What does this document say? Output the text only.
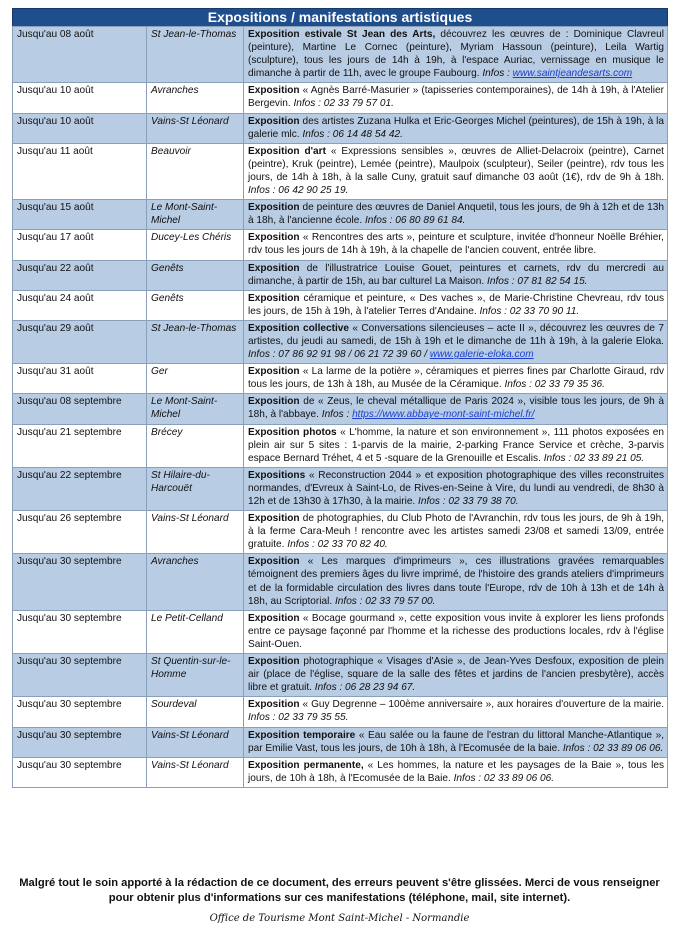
Expositions / manifestations artistiques
Jusqu'au 08 août	St Jean-le-Thomas	Exposition estivale St Jean des Arts, découvrez les œuvres de : Dominique Clavreul (peinture), Martine Le Cornec (peinture), Myriam Hassoun (peinture), Leila Wartig (sculpture), tous les jours de 14h à 19h, à l'espace Auriac, vernissage en musique le dimanche à partir de 11h, avec le groupe Faubourg. Infos : www.saintjeandesarts.com
Jusqu'au 10 août	Avranches	Exposition « Agnès Barré-Masurier » (tapisseries contemporaines), de 14h à 19h, à l'Atelier Bergevin. Infos : 02 33 79 57 01.
Jusqu'au 10 août	Vains-St Léonard	Exposition des artistes Zuzana Hulka et Eric-Georges Michel (peintures), de 15h à 19h, à la galerie mlc. Infos : 06 14 48 54 42.
Jusqu'au 11 août	Beauvoir	Exposition d'art « Expressions sensibles », œuvres de Alliet-Delacroix (peintre), Carnet (peintre), Kruk (peintre), Lemée (peintre), Maulpoix (sculpteur), Seiler (peintre), rdv tous les jours, de 14h à 18h, à la salle Cuny, gratuit sauf dimanche 03 août (1€), rdv de 9h à 18h. Infos : 06 42 90 25 19.
Jusqu'au 15 août	Le Mont-Saint-Michel	Exposition de peinture des œuvres de Daniel Anquetil, tous les jours, de 9h à 12h et de 13h à 18h, à l'ancienne école. Infos : 06 80 89 61 84.
Jusqu'au 17 août	Ducey-Les Chéris	Exposition « Rencontres des arts », peinture et sculpture, invitée d'honneur Noëlle Bréhier, rdv tous les jours de 14h à 19h, à la chapelle de l'ancien couvent, entrée libre.
Jusqu'au 22 août	Genêts	Exposition de l'illustratrice Louise Gouet, peintures et carnets, rdv du mercredi au dimanche, à partir de 15h, au bar culturel La Maison. Infos : 07 81 82 54 15.
Jusqu'au 24 août	Genêts	Exposition céramique et peinture, « Des vaches », de Marie-Christine Chevreau, rdv tous les jours, de 15h à 19h, à l'atelier Terres d'Andaine. Infos : 02 33 70 90 11.
Jusqu'au 29 août	St Jean-le-Thomas	Exposition collective « Conversations silencieuses – acte II », découvrez les œuvres de 7 artistes, du jeudi au samedi, de 15h à 19h et le dimanche de 11h à 19h, à la galerie Eloka. Infos : 07 86 92 91 98 / 06 21 72 39 60 / www.galerie-eloka.com
Jusqu'au 31 août	Ger	Exposition « La larme de la potière », céramiques et pierres fines par Charlotte Giraud, rdv tous les jours, de 13h à 18h, au Musée de la Céramique. Infos : 02 33 79 35 36.
Jusqu'au 08 septembre	Le Mont-Saint-Michel	Exposition de « Zeus, le cheval métallique de Paris 2024 », visible tous les jours, de 9h à 18h, à l'abbaye. Infos : https://www.abbaye-mont-saint-michel.fr/
Jusqu'au 21 septembre	Brécey	Exposition photos « L'homme, la nature et son environnement », 111 photos exposées en plein air sur 5 sites : 1-parvis de la mairie, 2-parking France Service et crèche, 3-parvis espace Bernard Tréhet, 4 et 5 -square de la Grenouille et Escalis. Infos : 02 33 89 21 05.
Jusqu'au 22 septembre	St Hilaire-du-Harcouët	Expositions « Reconstruction 2044 » et exposition photographique des villes reconstruites normandes, d'Evreux à Saint-Lo, de Rives-en-Seine à Vire, du lundi au vendredi, de 8h30 à 12h et de 13h30 à 17h30, à la mairie. Infos : 02 33 79 38 70.
Jusqu'au 26 septembre	Vains-St Léonard	Exposition de photographies, du Club Photo de l'Avranchin, rdv tous les jours, de 9h à 19h, à la ferme Cara-Meuh ! rencontre avec les artistes samedi 23/08 et samedi 13/09, entrée gratuite. Infos : 02 33 70 82 40.
Jusqu'au 30 septembre	Avranches	Exposition « Les marques d'imprimeurs », ces illustrations gravées remarquables témoignent des premiers âges du livre imprimé, de l'histoire des grands ateliers d'imprimeurs et de la formidable circulation des livres dans toute l'Europe, rdv de 10h à 13h et de 14h à 18h, au Scriptorial. Infos : 02 33 79 57 00.
Jusqu'au 30 septembre	Le Petit-Celland	Exposition « Bocage gourmand », cette exposition vous invite à explorer les liens profonds entre ce paysage façonné par l'homme et la richesse des productions locales, rdv à l'église Saint-Ouen.
Jusqu'au 30 septembre	St Quentin-sur-le-Homme	Exposition photographique « Visages d'Asie », de Jean-Yves Desfoux, exposition de plein air (place de l'église, square de la salle des fêtes et jardins de l'ancien presbytère), accès libre et gratuit. Infos : 06 28 23 94 67.
Jusqu'au 30 septembre	Sourdeval	Exposition « Guy Degrenne – 100ème anniversaire », aux horaires d'ouverture de la mairie. Infos : 02 33 79 35 55.
Jusqu'au 30 septembre	Vains-St Léonard	Exposition temporaire « Eau salée ou la faune de l'estran du littoral Manche-Atlantique », par Emilie Vast, tous les jours, de 10h à 18h, à l'Ecomusée de la baie. Infos : 02 33 89 06 06.
Jusqu'au 30 septembre	Vains-St Léonard	Exposition permanente, « Les hommes, la nature et les paysages de la Baie », tous les jours, de 10h à 18h, à l'Ecomusée de la Baie. Infos : 02 33 89 06 06.
Malgré tout le soin apporté à la rédaction de ce document, des erreurs peuvent s'être glissées. Merci de vous renseigner pour obtenir plus d'informations sur ces manifestations (téléphone, mail, site internet).
Office de Tourisme Mont Saint-Michel - Normandie
